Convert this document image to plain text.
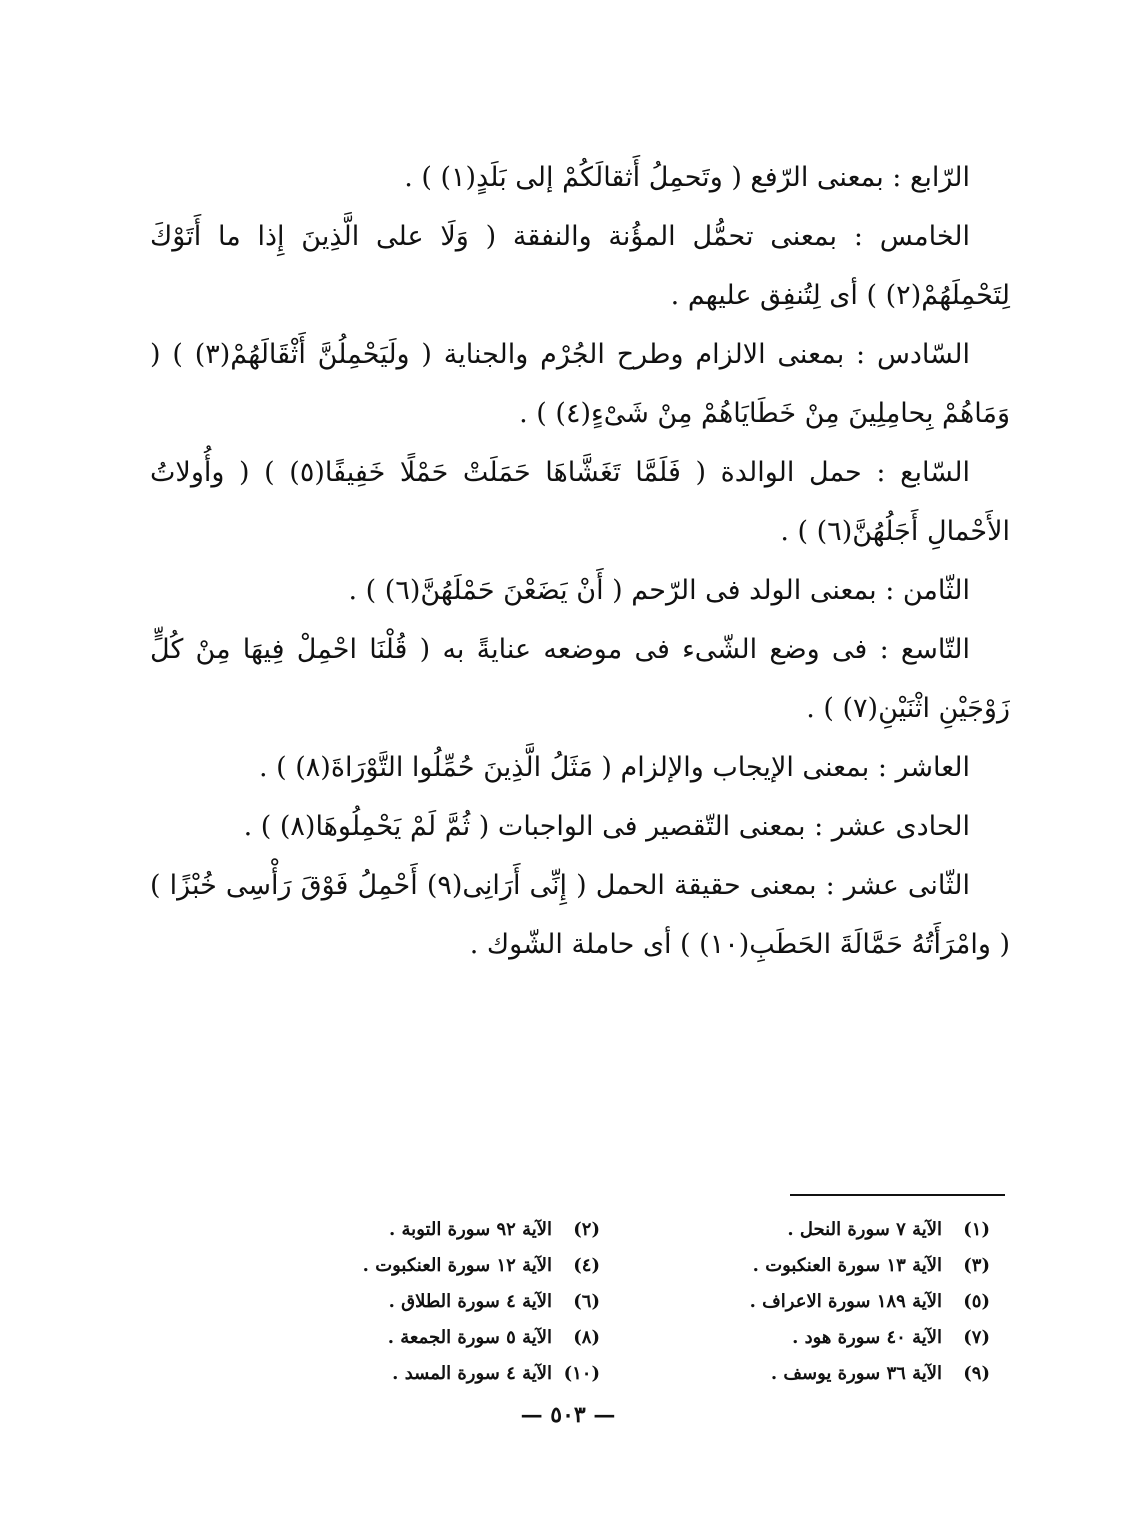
الرّابع : بمعنى الرّفع ( وتَحمِلُ أَثقالَكُمْ إلى بَلَدٍ(١) ) .

الخامس : بمعنى تحمُّل المؤُنة والنفقة ( وَلَا على الَّذِينَ إِذا ما أَتَوْكَ لِتَحْمِلَهُمْ(٢) ) أى لِتُنفِق عليهم .

السّادس : بمعنى الالزام وطرح الجُرْم والجناية ( ولَيَحْمِلُنَّ أَثْقَالَهُمْ(٣) ) ( وَمَاهُمْ بِحامِلِينَ مِنْ خَطَايَاهُمْ مِنْ شَىْءٍ(٤) ) .

السّابع : حمل الوالدة ( فَلَمَّا تَغَشَّاهَا حَمَلَتْ حَمْلًا خَفِيفًا(٥) ) ( وأُولاتُ الأَحْمالِ أَجَلُهُنَّ(٦) ) .

الثّامن : بمعنى الولد فى الرّحم ( أَنْ يَضَعْنَ حَمْلَهُنَّ(٦) ) .

التّاسع : فى وضع الشّىء فى موضعه عنايةً به ( قُلْنَا احْمِلْ فِيهَا مِنْ كُلٍّ زَوْجَيْنِ اثْنَيْنِ(٧) ) .

العاشر : بمعنى الإيجاب والإلزام ( مَثَلُ الَّذِينَ حُمِّلُوا التَّوْرَاةَ(٨) ) .

الحادى عشر : بمعنى التّقصير فى الواجبات ( ثُمَّ لَمْ يَحْمِلُوهَا(٨) ) .

الثّانى عشر : بمعنى حقيقة الحمل ( إِنِّى أَرَانِى(٩) أَحْمِلُ فَوْقَ رَأْسِى خُبْزًا ) ( وامْرَأَتُهُ حَمَّالَةَ الحَطَبِ(١٠) ) أى حاملة الشّوك .

(١)الآية ٧ سورة النحل .
(٢)الآية ٩٢ سورة التوبة .
(٣)الآية ١٣ سورة العنكبوت .
(٤)الآية ١٢ سورة العنكبوت .
(٥)الآية ١٨٩ سورة الاعراف .
(٦)الآية ٤ سورة الطلاق .
(٧)الآية ٤٠ سورة هود .
(٨)الآية ٥ سورة الجمعة .
(٩)الآية ٣٦ سورة يوسف .
(١٠)الآية ٤ سورة المسد .
— ٥٠٣ —
